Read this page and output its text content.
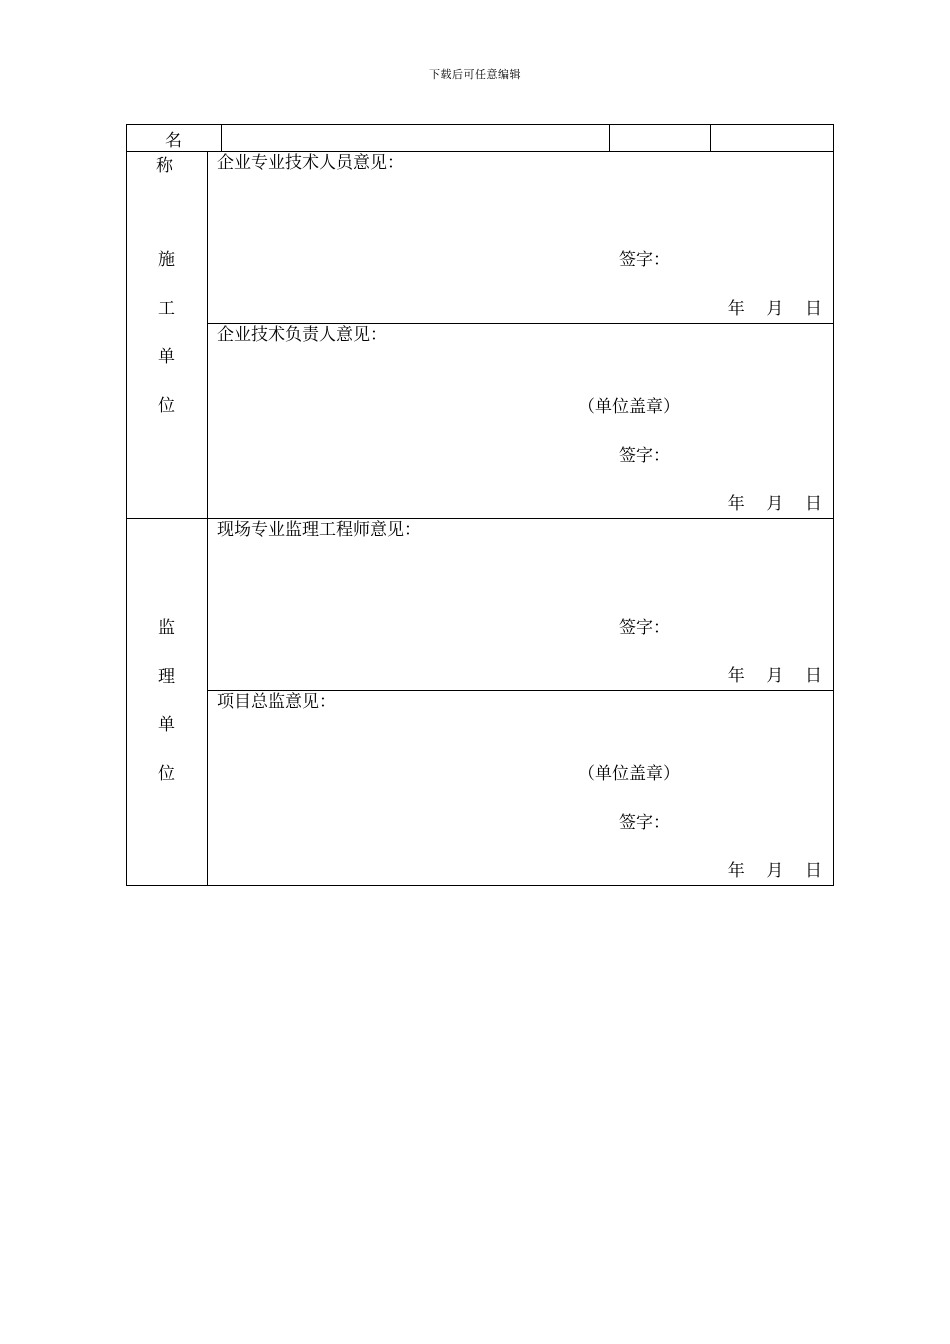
下载后可任意编辑
名 称
施
工
单
位
企业专业技术人员意见：
签字：
年 月 日
企业技术负责人意见：
（单位盖章）
签字：
年 月 日
监
理
单
位
现场专业监理工程师意见：
签字：
年 月 日
项目总监意见：
（单位盖章）
签字：
年 月 日
